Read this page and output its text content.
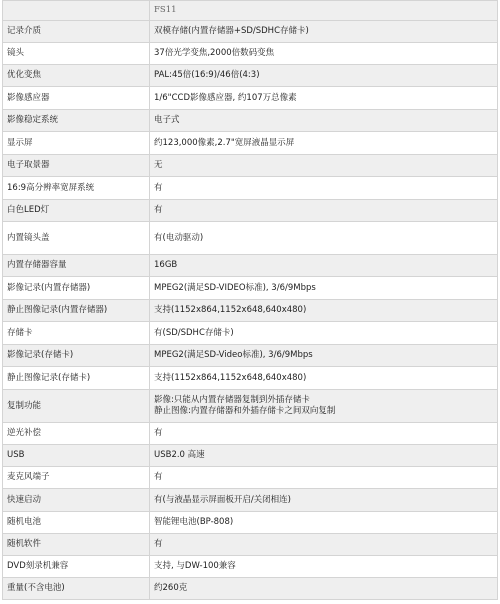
	FS11
记录介质	双模存储(内置存储器+SD/SDHC存储卡)

镜头	37倍光学变焦,2000倍数码变焦

优化变焦	PAL:45倍(16:9)/46倍(4:3)

影像感应器	1/6"CCD影像感应器, 约107万总像素

影像稳定系统	电子式

显示屏	约123,000像素,2.7"宽屏液晶显示屏

电子取景器	无

16:9高分辨率宽屏系统	有

白色LED灯	有

内置镜头盖	有(电动驱动)

内置存储器容量	16GB

影像记录(内置存储器)	MPEG2(满足SD-VIDEO标准), 3/6/9Mbps

静止图像记录(内置存储器)	支持(1152x864,1152x648,640x480)

存储卡	有(SD/SDHC存储卡)

影像记录(存储卡)	MPEG2(满足SD-Video标准), 3/6/9Mbps

静止图像记录(存储卡)	支持(1152x864,1152x648,640x480)

复制功能	影像:只能从内置存储器复制到外插存储卡
静止图像:内置存储器和外插存储卡之间双向复制

逆光补偿	有

USB	USB2.0 高速

麦克风端子	有

快速启动	有(与液晶显示屏面板开启/关闭相连)

随机电池	智能锂电池(BP-808)

随机软件	有

DVD刻录机兼容	支持, 与DW-100兼容

重量(不含电池)	约260克
